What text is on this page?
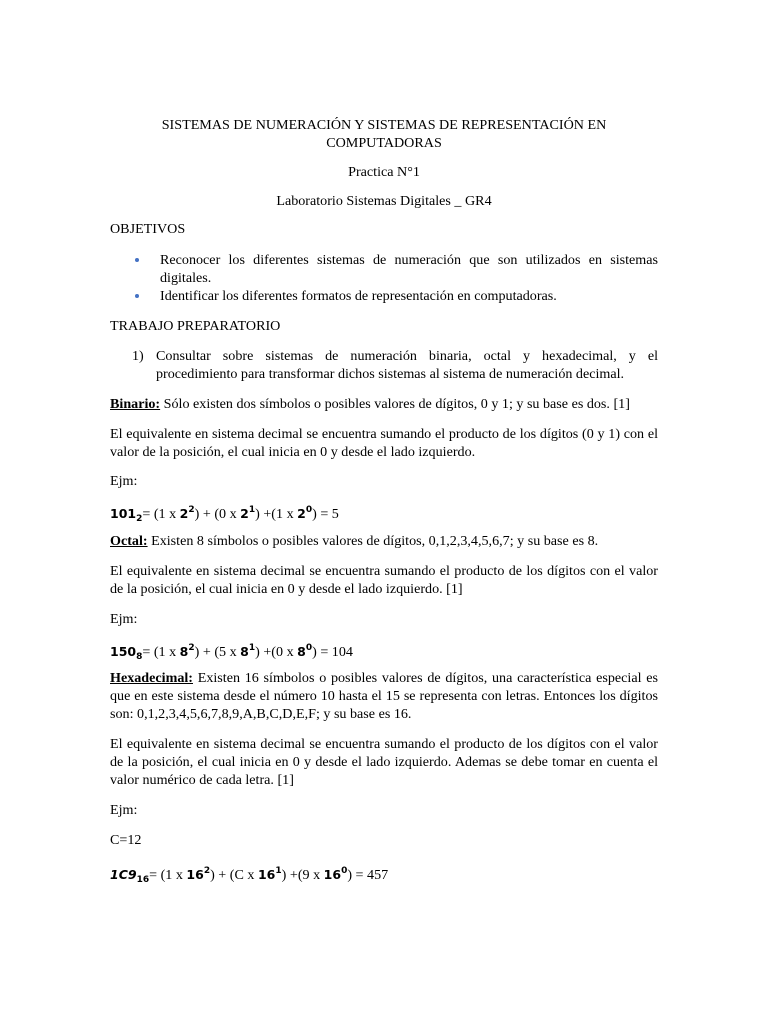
SISTEMAS DE NUMERACIÓN Y SISTEMAS DE REPRESENTACIÓN EN
COMPUTADORAS

Practica N°1

Laboratorio Sistemas Digitales _ GR4

OBJETIVOS

Reconocer los diferentes sistemas de numeración que son utilizados en sistemas digitales.

Identificar los diferentes formatos de representación en computadoras.

TRABAJO PREPARATORIO

1) Consultar sobre sistemas de numeración binaria, octal y hexadecimal, y el procedimiento para transformar dichos sistemas al sistema de numeración decimal.

Binario: Sólo existen dos símbolos o posibles valores de dígitos, 0 y 1; y su base es dos. [1]

El equivalente en sistema decimal se encuentra sumando el producto de los dígitos (0 y 1) con el valor de la posición, el cual inicia en 0 y desde el lado izquierdo.

Ejm:

$101_2= (1$ x $2^2) + (0$ x $2^1) +(1$ x $2^0) = 5$

Octal: Existen 8 símbolos o posibles valores de dígitos, 0,1,2,3,4,5,6,7; y su base es 8.

El equivalente en sistema decimal se encuentra sumando el producto de los dígitos con el valor de la posición, el cual inicia en 0 y desde el lado izquierdo. [1]

Ejm:

$150_8= (1$ x $8^2) + (5$ x $8^1) +(0$ x $8^0) = 104$

Hexadecimal: Existen 16 símbolos o posibles valores de dígitos, una característica especial es que en este sistema desde el número 10 hasta el 15 se representa con letras. Entonces los dígitos son: 0,1,2,3,4,5,6,7,8,9,A,B,C,D,E,F; y su base es 16.

El equivalente en sistema decimal se encuentra sumando el producto de los dígitos con el valor de la posición, el cual inicia en 0 y desde el lado izquierdo. Ademas se debe tomar en cuenta el valor numérico de cada letra. [1]

Ejm:

C=12

$1C9_{16}= (1$ x $16^2) + (C$ x $16^1) +(9$ x $16^0) = 457$
